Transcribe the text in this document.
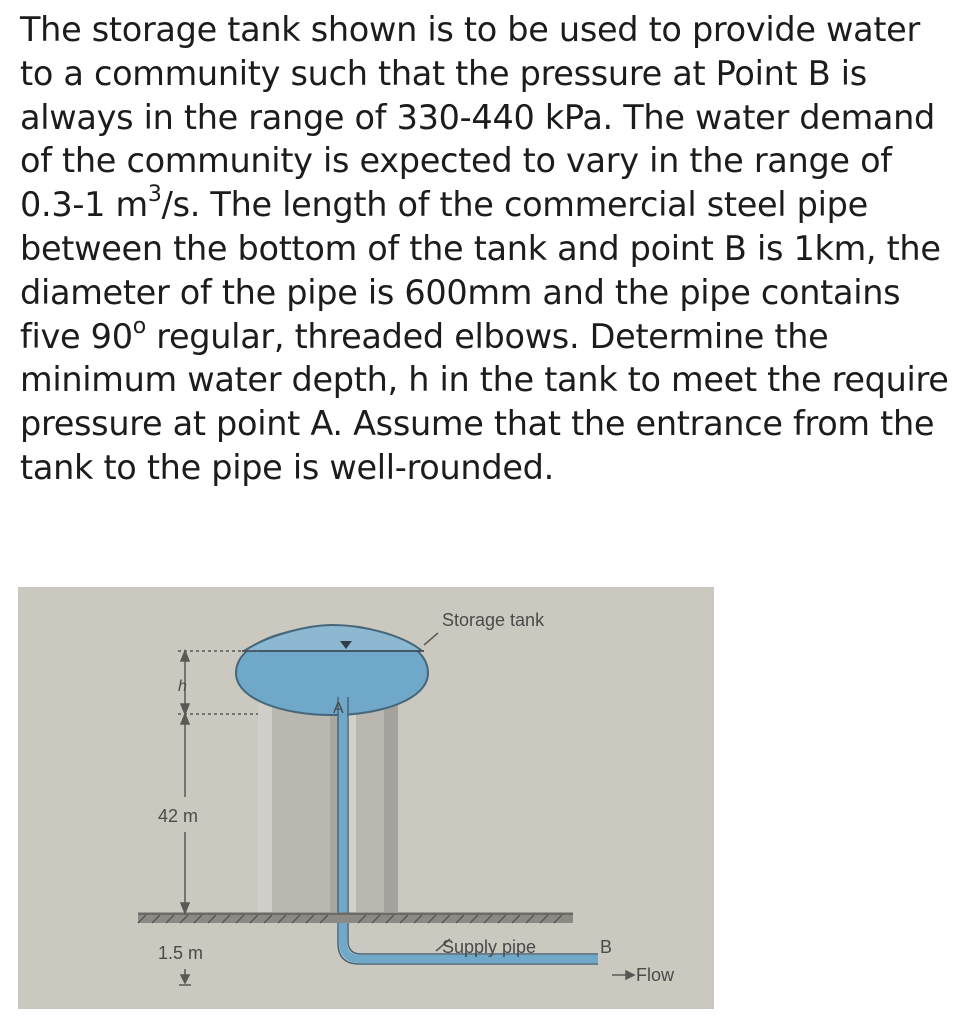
The storage tank shown is to be used to provide water to a community such that the pressure at Point B is always in the range of 330-440 kPa. The water demand of the community is expected to vary in the range of 0.3-1 $m^3/s$. The length of the commercial steel pipe between the bottom of the tank and point B is 1km, the diameter of the pipe is 600mm and the pipe contains five 90$^o$ regular, threaded elbows. Determine the minimum water depth, h in the tank to meet the require pressure at point A. Assume that the entrance from the tank to the pipe is well-rounded.
Storage tank
h
A
42 m
1.5 m	Supply pipe	B
Flow
